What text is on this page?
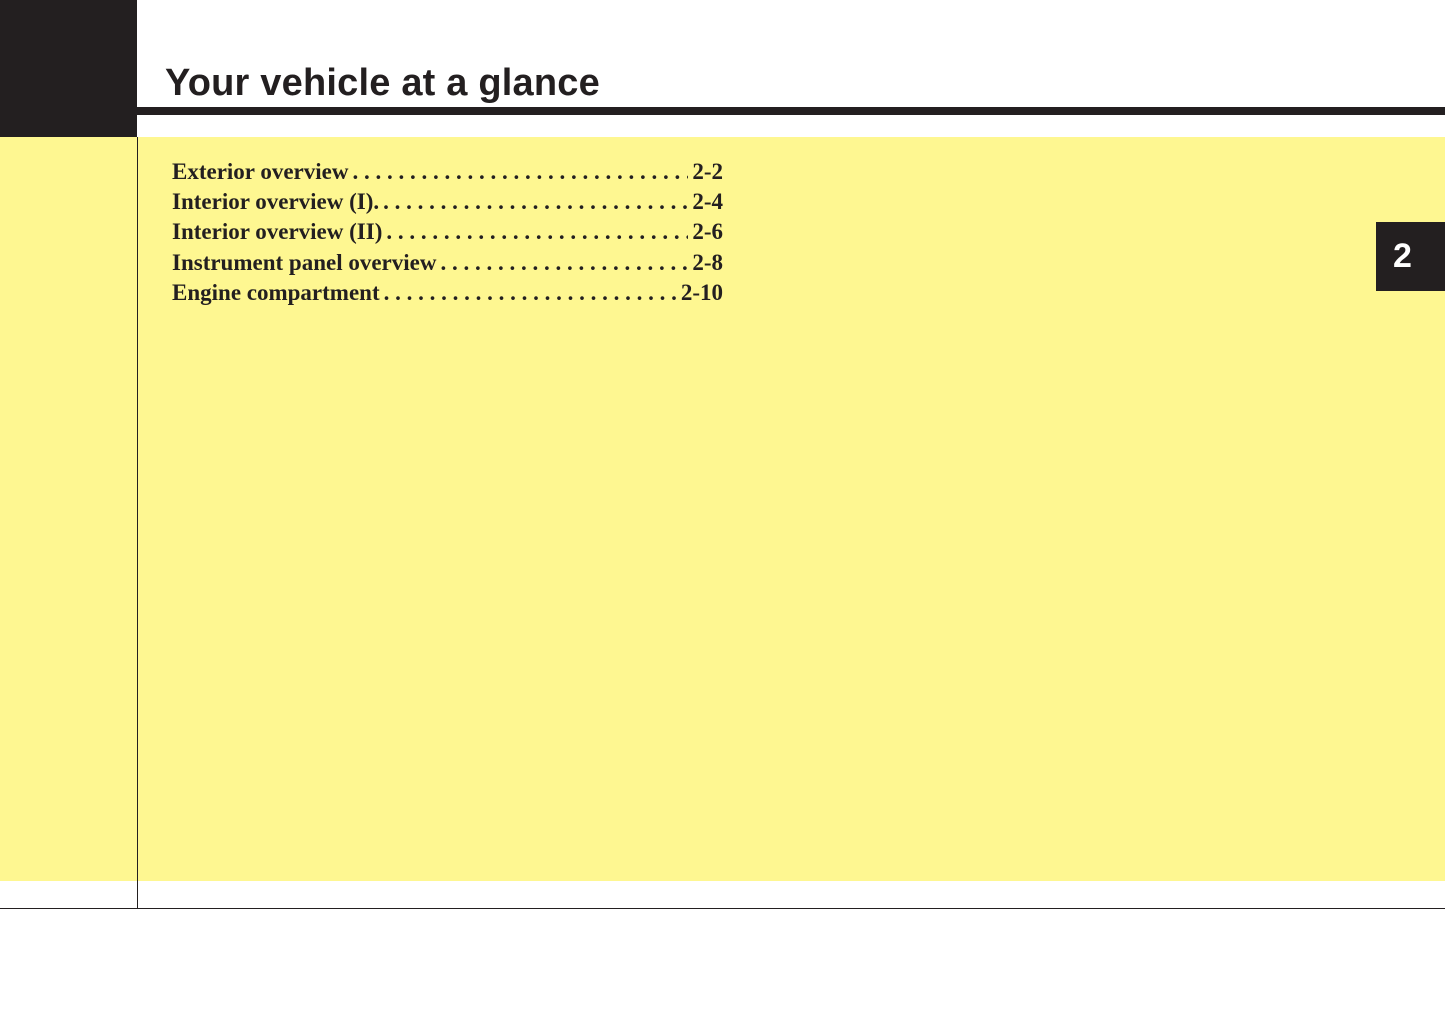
Your vehicle at a glance
Exterior overview . . .	2-2
Interior overview (I). . . .	2-4
Interior overview (II) . . .	2-6
Instrument panel overview . . .	2-8
Engine compartment . . .	2-10
2
